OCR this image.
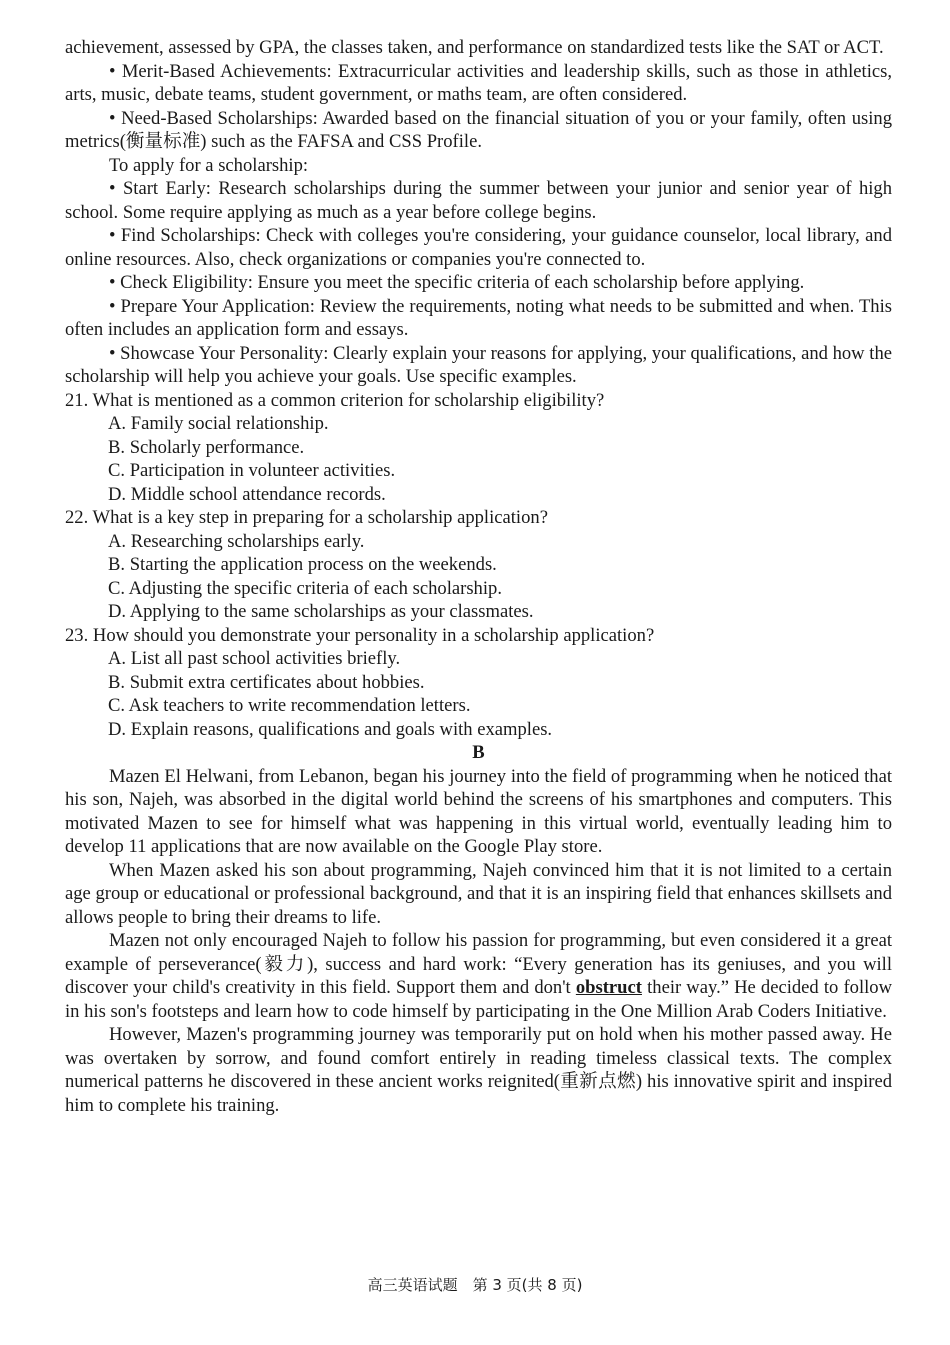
achievement, assessed by GPA, the classes taken, and performance on standardized tests like the SAT or ACT.

• Merit-Based Achievements: Extracurricular activities and leadership skills, such as those in athletics, arts, music, debate teams, student government, or maths team, are often considered.

• Need-Based Scholarships: Awarded based on the financial situation of you or your family, often using metrics(衡量标准) such as the FAFSA and CSS Profile.

To apply for a scholarship:

• Start Early: Research scholarships during the summer between your junior and senior year of high school. Some require applying as much as a year before college begins.

• Find Scholarships: Check with colleges you're considering, your guidance counselor, local library, and online resources. Also, check organizations or companies you're connected to.

• Check Eligibility: Ensure you meet the specific criteria of each scholarship before applying.

• Prepare Your Application: Review the requirements, noting what needs to be submitted and when. This often includes an application form and essays.

• Showcase Your Personality: Clearly explain your reasons for applying, your qualifications, and how the scholarship will help you achieve your goals. Use specific examples.

21. What is mentioned as a common criterion for scholarship eligibility?

A. Family social relationship.

B. Scholarly performance.

C. Participation in volunteer activities.

D. Middle school attendance records.

22. What is a key step in preparing for a scholarship application?

A. Researching scholarships early.

B. Starting the application process on the weekends.

C. Adjusting the specific criteria of each scholarship.

D. Applying to the same scholarships as your classmates.

23. How should you demonstrate your personality in a scholarship application?

A. List all past school activities briefly.

B. Submit extra certificates about hobbies.

C. Ask teachers to write recommendation letters.

D. Explain reasons, qualifications and goals with examples.

B

Mazen El Helwani, from Lebanon, began his journey into the field of programming when he noticed that his son, Najeh, was absorbed in the digital world behind the screens of his smartphones and computers. This motivated Mazen to see for himself what was happening in this virtual world, eventually leading him to develop 11 applications that are now available on the Google Play store.

When Mazen asked his son about programming, Najeh convinced him that it is not limited to a certain age group or educational or professional background, and that it is an inspiring field that enhances skillsets and allows people to bring their dreams to life.

Mazen not only encouraged Najeh to follow his passion for programming, but even considered it a great example of perseverance(毅力), success and hard work: “Every generation has its geniuses, and you will discover your child's creativity in this field. Support them and don't obstruct their way.” He decided to follow in his son's footsteps and learn how to code himself by participating in the One Million Arab Coders Initiative.

However, Mazen's programming journey was temporarily put on hold when his mother passed away. He was overtaken by sorrow, and found comfort entirely in reading timeless classical texts. The complex numerical patterns he discovered in these ancient works reignited(重新点燃) his innovative spirit and inspired him to complete his training.

高三英语试题　第 3 页(共 8 页)
